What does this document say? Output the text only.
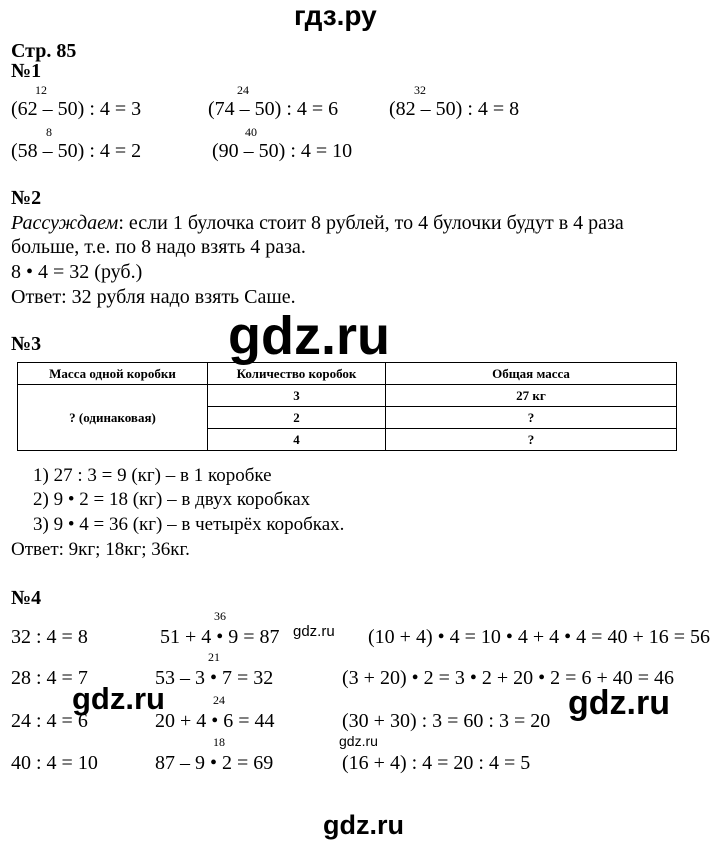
гдз.ру
gdz.ru
gdz.ru	gdz.ru
gdz.ru
gdz.ru
gdz.ru
Стр. 85
№1
12
(62 – 50) : 4 = 3
24
(74 – 50) : 4 = 6
32
(82 – 50) : 4 = 8
8
(58 – 50) : 4 = 2
40
(90 – 50) : 4 = 10
№2
Рассуждаем: если 1 булочка стоит 8 рублей, то 4 булочки будут в 4 раза
больше, т.е. по 8 надо взять 4 раза.
8 • 4 = 32 (руб.)
Ответ: 32 рубля надо взять Саше.
№3
Масса одной коробки	Количество коробок	Общая масса
? (одинаковая)	3	27 кг
	2	?
	4	?
1) 27 : 3 = 9 (кг) – в 1 коробке
2) 9 • 2 = 18 (кг) – в двух коробках
3) 9 • 4 = 36 (кг) – в четырёх коробках.
Ответ: 9кг; 18кг; 36кг.
№4
32 : 4 = 8
28 : 4 = 7
24 : 4 = 6
40 : 4 = 10
36
51 + 4 • 9 = 87
21
53 – 3 • 7 = 32
24
20 + 4 • 6 = 44
18
87 – 9 • 2 = 69
(10 + 4) • 4 = 10 • 4 + 4 • 4 = 40 + 16 = 56
(3 + 20) • 2 = 3 • 2 + 20 • 2 = 6 + 40 = 46
(30 + 30) : 3 = 60 : 3 = 20
(16 + 4) : 4 = 20 : 4 = 5
